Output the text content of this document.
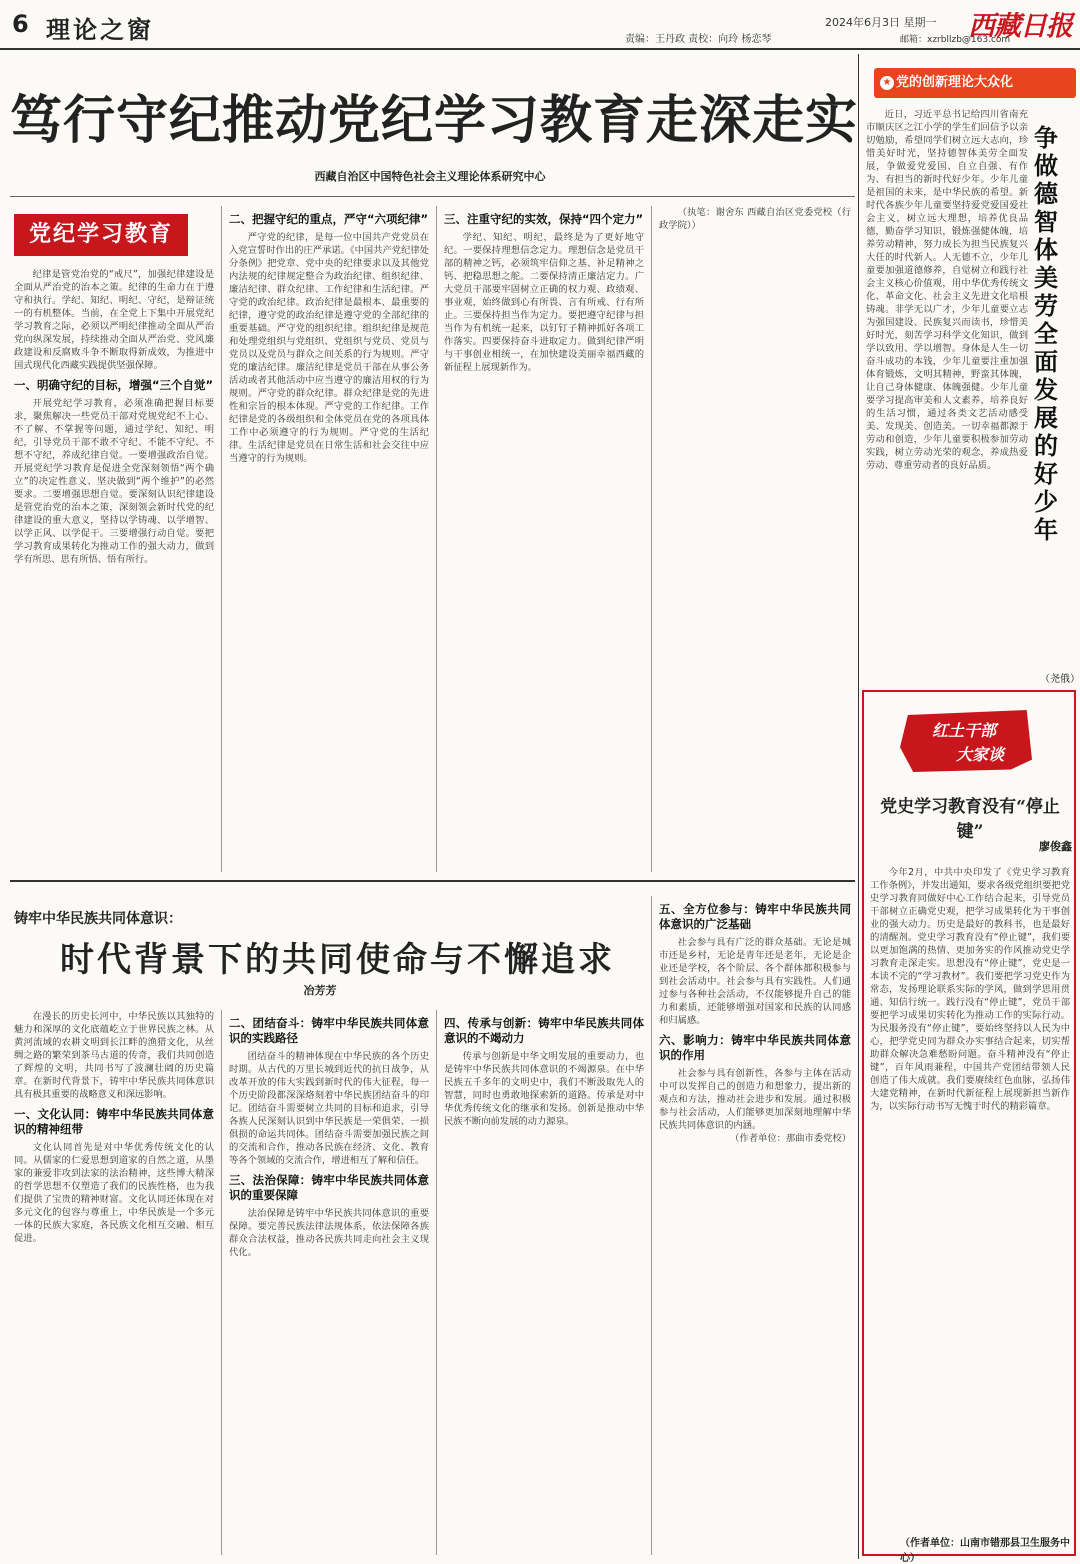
6 理论之窗	2024年6月3日 星期一
责编：王丹政 责校：向玲 杨恋琴	西藏日报
邮箱：xzrbllzb@163.com
笃行守纪推动党纪学习教育走深走实
西藏自治区中国特色社会主义理论体系研究中心
党纪学习教育

纪律是管党治党的“戒尺”，加强纪律建设是全面从严治党的治本之策。纪律的生命力在于遵守和执行。学纪、知纪、明纪、守纪，是辩证统一的有机整体。当前，在全党上下集中开展党纪学习教育之际，必须以严明纪律推动全面从严治党向纵深发展，持续推动全面从严治党、党风廉政建设和反腐败斗争不断取得新成效，为推进中国式现代化西藏实践提供坚强保障。

一、明确守纪的目标，增强“三个自觉”

开展党纪学习教育，必须准确把握目标要求，聚焦解决一些党员干部对党规党纪不上心、不了解、不掌握等问题，通过学纪、知纪、明纪，引导党员干部不敢不守纪、不能不守纪、不想不守纪，养成纪律自觉。一要增强政治自觉。开展党纪学习教育是促进全党深刻领悟“两个确立”的决定性意义、坚决做到“两个维护”的必然要求。二要增强思想自觉。要深刻认识纪律建设是管党治党的治本之策，深刻领会新时代党的纪律建设的重大意义，坚持以学铸魂、以学增智、以学正风、以学促干。三要增强行动自觉。要把学习教育成果转化为推动工作的强大动力，做到学有所思、思有所悟、悟有所行。

二、把握守纪的重点，严守“六项纪律”

严守党的纪律，是每一位中国共产党党员在入党宣誓时作出的庄严承诺。《中国共产党纪律处分条例》把党章、党中央的纪律要求以及其他党内法规的纪律规定整合为政治纪律、组织纪律、廉洁纪律、群众纪律、工作纪律和生活纪律。严守党的政治纪律。政治纪律是最根本、最重要的纪律，遵守党的政治纪律是遵守党的全部纪律的重要基础。严守党的组织纪律。组织纪律是规范和处理党组织与党组织、党组织与党员、党员与党员以及党员与群众之间关系的行为规则。严守党的廉洁纪律。廉洁纪律是党员干部在从事公务活动或者其他活动中应当遵守的廉洁用权的行为规则。严守党的群众纪律。群众纪律是党的先进性和宗旨的根本体现。严守党的工作纪律。工作纪律是党的各级组织和全体党员在党的各项具体工作中必须遵守的行为规则。严守党的生活纪律。生活纪律是党员在日常生活和社会交往中应当遵守的行为规则。

三、注重守纪的实效，保持“四个定力”

学纪、知纪、明纪，最终是为了更好地守纪。一要保持理想信念定力。理想信念是党员干部的精神之钙，必须筑牢信仰之基、补足精神之钙、把稳思想之舵。二要保持清正廉洁定力。广大党员干部要牢固树立正确的权力观、政绩观、事业观，始终做到心有所畏、言有所戒、行有所止。三要保持担当作为定力。要把遵守纪律与担当作为有机统一起来，以钉钉子精神抓好各项工作落实。四要保持奋斗进取定力。做到纪律严明与干事创业相统一，在加快建设美丽幸福西藏的新征程上展现新作为。

（执笔：谢舍东 西藏自治区党委党校（行政学院））

铸牢中华民族共同体意识：
时代背景下的共同使命与不懈追求
冶芳芳

在漫长的历史长河中，中华民族以其独特的魅力和深厚的文化底蕴屹立于世界民族之林。从黄河流域的农耕文明到长江畔的渔猎文化，从丝绸之路的繁荣到茶马古道的传奇，我们共同创造了辉煌的文明，共同书写了波澜壮阔的历史篇章。在新时代背景下，铸牢中华民族共同体意识具有极其重要的战略意义和深远影响。

一、文化认同：铸牢中华民族共同体意识的精神纽带

文化认同首先是对中华优秀传统文化的认同。从儒家的仁爱思想到道家的自然之道，从墨家的兼爱非攻到法家的法治精神，这些博大精深的哲学思想不仅塑造了我们的民族性格，也为我们提供了宝贵的精神财富。文化认同还体现在对多元文化的包容与尊重上，中华民族是一个多元一体的民族大家庭，各民族文化相互交融、相互促进。

二、团结奋斗：铸牢中华民族共同体意识的实践路径

团结奋斗的精神体现在中华民族的各个历史时期。从古代的万里长城到近代的抗日战争，从改革开放的伟大实践到新时代的伟大征程，每一个历史阶段都深深烙刻着中华民族团结奋斗的印记。团结奋斗需要树立共同的目标和追求，引导各族人民深刻认识到中华民族是一荣俱荣、一损俱损的命运共同体。团结奋斗需要加强民族之间的交流和合作，推动各民族在经济、文化、教育等各个领域的交流合作，增进相互了解和信任。

三、法治保障：铸牢中华民族共同体意识的重要保障

法治保障是铸牢中华民族共同体意识的重要保障。要完善民族法律法规体系，依法保障各族群众合法权益，推动各民族共同走向社会主义现代化。

四、传承与创新：铸牢中华民族共同体意识的不竭动力

传承与创新是中华文明发展的重要动力，也是铸牢中华民族共同体意识的不竭源泉。在中华民族五千多年的文明史中，我们不断汲取先人的智慧，同时也勇敢地探索新的道路。传承是对中华优秀传统文化的继承和发扬。创新是推动中华民族不断向前发展的动力源泉。

五、全方位参与：铸牢中华民族共同体意识的广泛基础

社会参与具有广泛的群众基础。无论是城市还是乡村，无论是青年还是老年，无论是企业还是学校，各个阶层、各个群体都积极参与到社会活动中。社会参与具有实践性。人们通过参与各种社会活动，不仅能够提升自己的能力和素质，还能够增强对国家和民族的认同感和归属感。

六、影响力：铸牢中华民族共同体意识的作用

社会参与具有创新性，各参与主体在活动中可以发挥自己的创造力和想象力，提出新的观点和方法，推动社会进步和发展。通过积极参与社会活动，人们能够更加深刻地理解中华民族共同体意识的内涵。

（作者单位：那曲市委党校）

党的创新理论大众化
★

近日，习近平总书记给四川省南充市顺庆区之江小学的学生们回信予以亲切勉励，希望同学们树立远大志向，珍惜美好时光，坚持德智体美劳全面发展，争做爱党爱国、自立自强、有作为、有担当的新时代好少年。少年儿童是祖国的未来，是中华民族的希望。新时代各族少年儿童要坚持爱党爱国爱社会主义，树立远大理想，培养优良品德，勤奋学习知识，锻炼强健体魄，培养劳动精神，努力成长为担当民族复兴大任的时代新人。人无德不立，少年儿童要加强道德修养，自觉树立和践行社会主义核心价值观，用中华优秀传统文化、革命文化、社会主义先进文化培根铸魂。非学无以广才，少年儿童要立志为强国建设、民族复兴而读书，珍惜美好时光，刻苦学习科学文化知识，做到学以致用、学以增智。身体是人生一切奋斗成功的本钱，少年儿童要注重加强体育锻炼，文明其精神，野蛮其体魄，让自己身体健康、体魄强健。少年儿童要学习提高审美和人文素养，培养良好的生活习惯，通过各类文艺活动感受美、发现美、创造美。一切幸福都源于劳动和创造，少年儿童要积极参加劳动实践，树立劳动光荣的观念，养成热爱劳动、尊重劳动者的良好品质。

争做德智体美劳全面发展的好少年
（尧俄）
红土干部
大家谈
党史学习教育没有“停止键”
廖俊鑫

今年2月，中共中央印发了《党史学习教育工作条例》，并发出通知，要求各级党组织要把党史学习教育同做好中心工作结合起来，引导党员干部树立正确党史观，把学习成果转化为干事创业的强大动力。历史是最好的教科书，也是最好的清醒剂。党史学习教育没有“停止键”，我们要以更加饱满的热情、更加务实的作风推动党史学习教育走深走实。思想没有“停止键”，党史是一本读不完的“学习教材”。我们要把学习党史作为常态，发扬理论联系实际的学风，做到学思用贯通、知信行统一。践行没有“停止键”，党员干部要把学习成果切实转化为推动工作的实际行动。为民服务没有“停止键”，要始终坚持以人民为中心，把学党史同为群众办实事结合起来，切实帮助群众解决急难愁盼问题。奋斗精神没有“停止键”，百年风雨兼程，中国共产党团结带领人民创造了伟大成就。我们要赓续红色血脉，弘扬伟大建党精神，在新时代新征程上展现新担当新作为，以实际行动书写无愧于时代的精彩篇章。

（作者单位：山南市错那县卫生服务中心）
